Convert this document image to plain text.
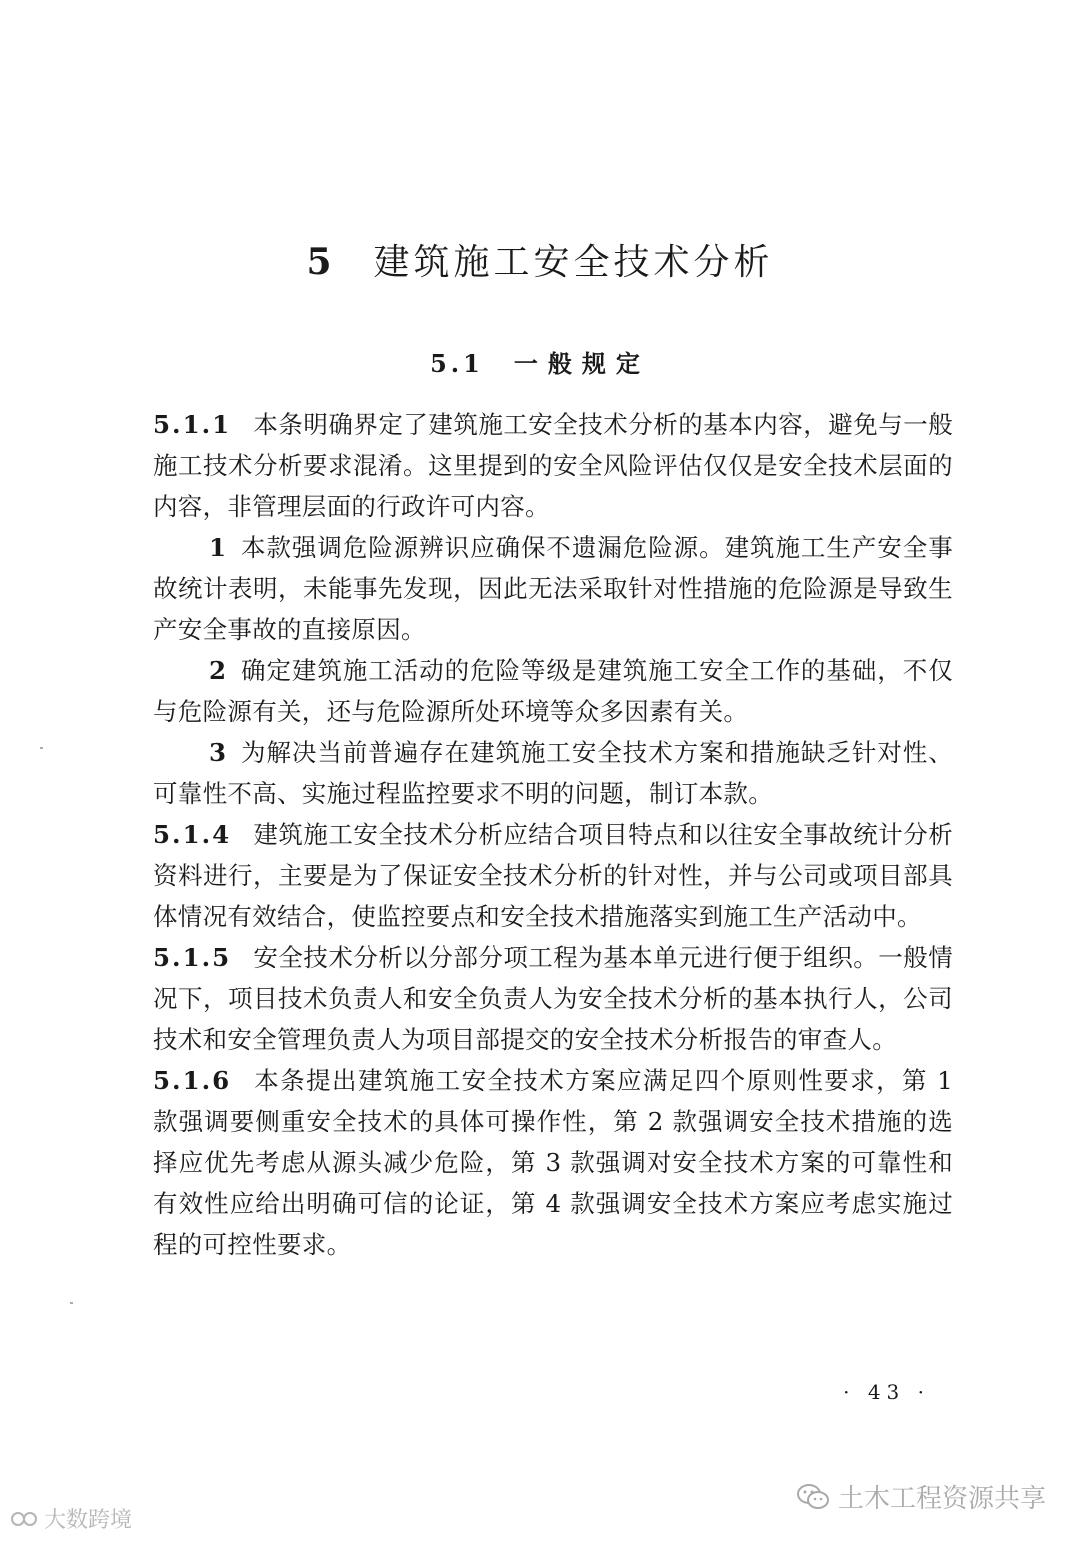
5 建筑施工安全技术分析
5.1 一般规定

5.1.1 本条明确界定了建筑施工安全技术分析的基本内容，避免与一般施工技术分析要求混淆。这里提到的安全风险评估仅仅是安全技术层面的内容，非管理层面的行政许可内容。

1 本款强调危险源辨识应确保不遗漏危险源。建筑施工生产安全事故统计表明，未能事先发现，因此无法采取针对性措施的危险源是导致生产安全事故的直接原因。

2 确定建筑施工活动的危险等级是建筑施工安全工作的基础，不仅与危险源有关，还与危险源所处环境等众多因素有关。

3 为解决当前普遍存在建筑施工安全技术方案和措施缺乏针对性、可靠性不高、实施过程监控要求不明的问题，制订本款。

5.1.4 建筑施工安全技术分析应结合项目特点和以往安全事故统计分析资料进行，主要是为了保证安全技术分析的针对性，并与公司或项目部具体情况有效结合，使监控要点和安全技术措施落实到施工生产活动中。

5.1.5 安全技术分析以分部分项工程为基本单元进行便于组织。一般情况下，项目技术负责人和安全负责人为安全技术分析的基本执行人，公司技术和安全管理负责人为项目部提交的安全技术分析报告的审查人。

5.1.6 本条提出建筑施工安全技术方案应满足四个原则性要求，第 1 款强调要侧重安全技术的具体可操作性，第 2 款强调安全技术措施的选择应优先考虑从源头减少危险，第 3 款强调对安全技术方案的可靠性和有效性应给出明确可信的论证，第 4 款强调安全技术方案应考虑实施过程的可控性要求。

· 43 ·
土木工程资源共享
大数跨境
